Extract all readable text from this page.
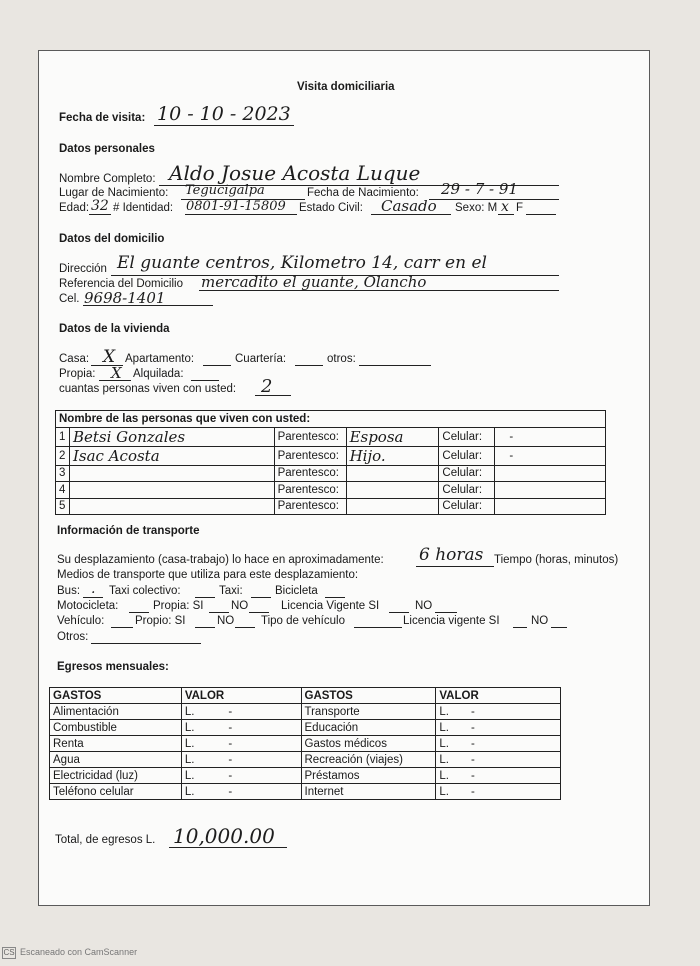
Visita domiciliaria
Fecha de visita: 10 - 10 - 2023
Datos personales
Nombre Completo: Aldo Josue Acosta Luque
Lugar de Nacimiento: Tegucigalpa	Fecha de Nacimiento: 29 - 7 - 91
Edad: 32 # Identidad: 0801-91-15809 Estado Civil: Casado Sexo: M x F
Datos del domicilio
Dirección El guante centros, Kilometro 14, carr en el
Referencia del Domicilio mercadito el guante, Olancho
Cel. 9698-1401
Datos de la vivienda
Casa: X Apartamento:	Cuartería:	otros:
Propia: X Alquilada:
cuantas personas viven con usted: 2
Nombre de las personas que viven con usted:					
1	Betsi Gonzales	Parentesco:	Esposa	Celular:	-
2	Isac Acosta	Parentesco:	Hijo.	Celular:	-
3		Parentesco:		Celular:	
4		Parentesco:		Celular:	
5		Parentesco:		Celular:	
Información de transporte
Su desplazamiento (casa-trabajo) lo hace en aproximadamente: 6 horas Tiempo (horas, minutos)
Medios de transporte que utiliza para este desplazamiento:
Bus: . Taxi colectivo:	Taxi:	Bicicleta
Motocicleta:	Propia: SI NO	Licencia Vigente SI	NO
Vehículo:	Propio: SI	NO Tipo de vehículo	Licencia vigente SI	NO
Otros:
Egresos mensuales:
GASTOS	VALOR	GASTOS	VALOR
Alimentación	L. -	Transporte	L. -
Combustible	L. -	Educación	L. -
Renta	L. -	Gastos médicos	L. -
Agua	L. -	Recreación (viajes)	L. -
Electricidad (luz)	L. -	Préstamos	L. -
Teléfono celular	L. -	Internet	L. -
Total, de egresos L. 10,000.00
CS Escaneado con CamScanner
